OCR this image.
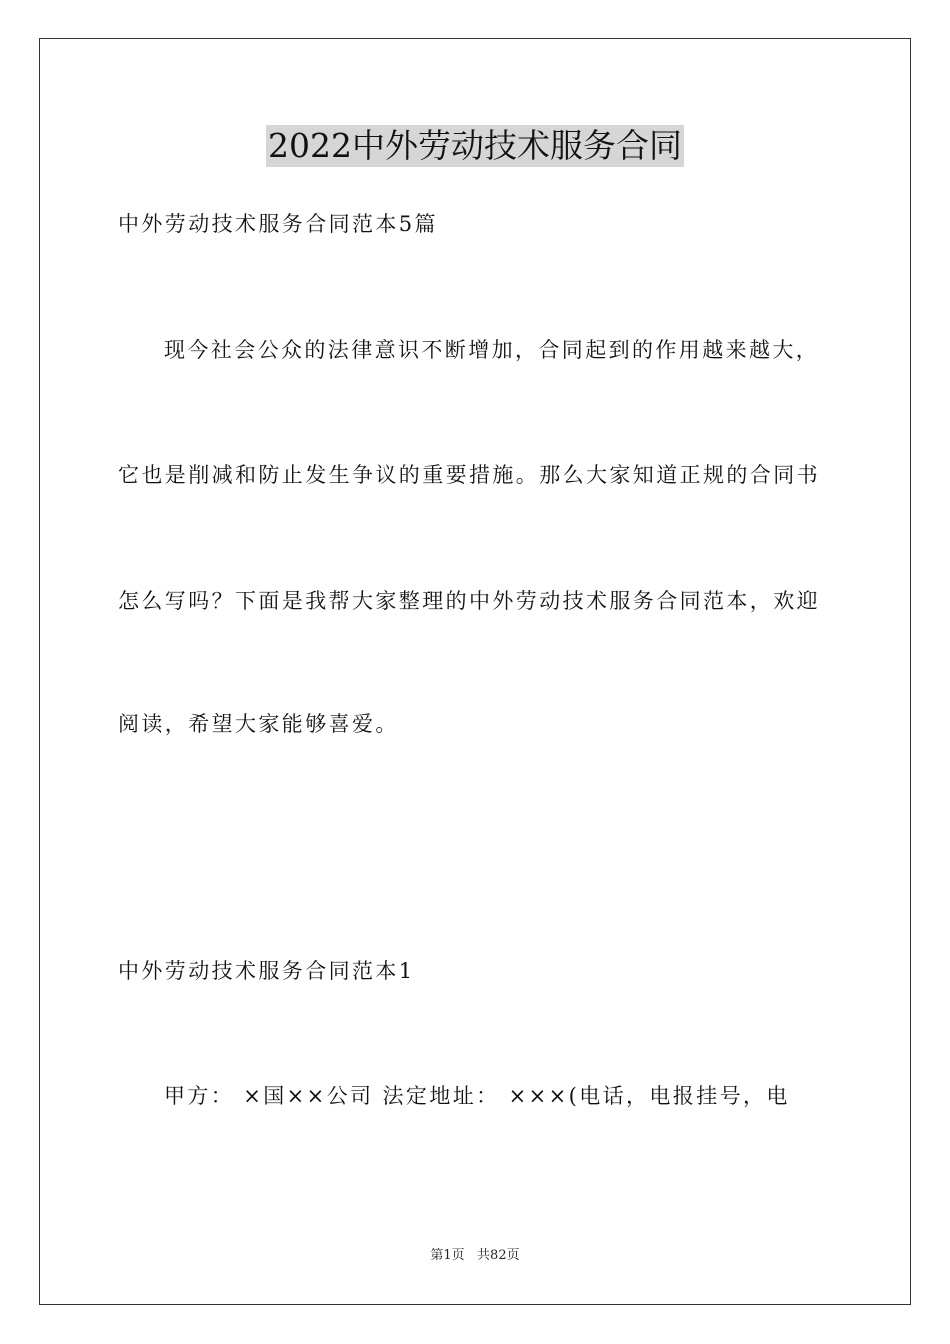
2022中外劳动技术服务合同
中外劳动技术服务合同范本5篇
现今社会公众的法律意识不断增加，合同起到的作用越来越大，
它也是削减和防止发生争议的重要措施。那么大家知道正规的合同书
怎么写吗？下面是我帮大家整理的中外劳动技术服务合同范本，欢迎
阅读，希望大家能够喜爱。
中外劳动技术服务合同范本1
甲方： ×国××公司 法定地址： ×××(电话，电报挂号，电
第1页   共82页
